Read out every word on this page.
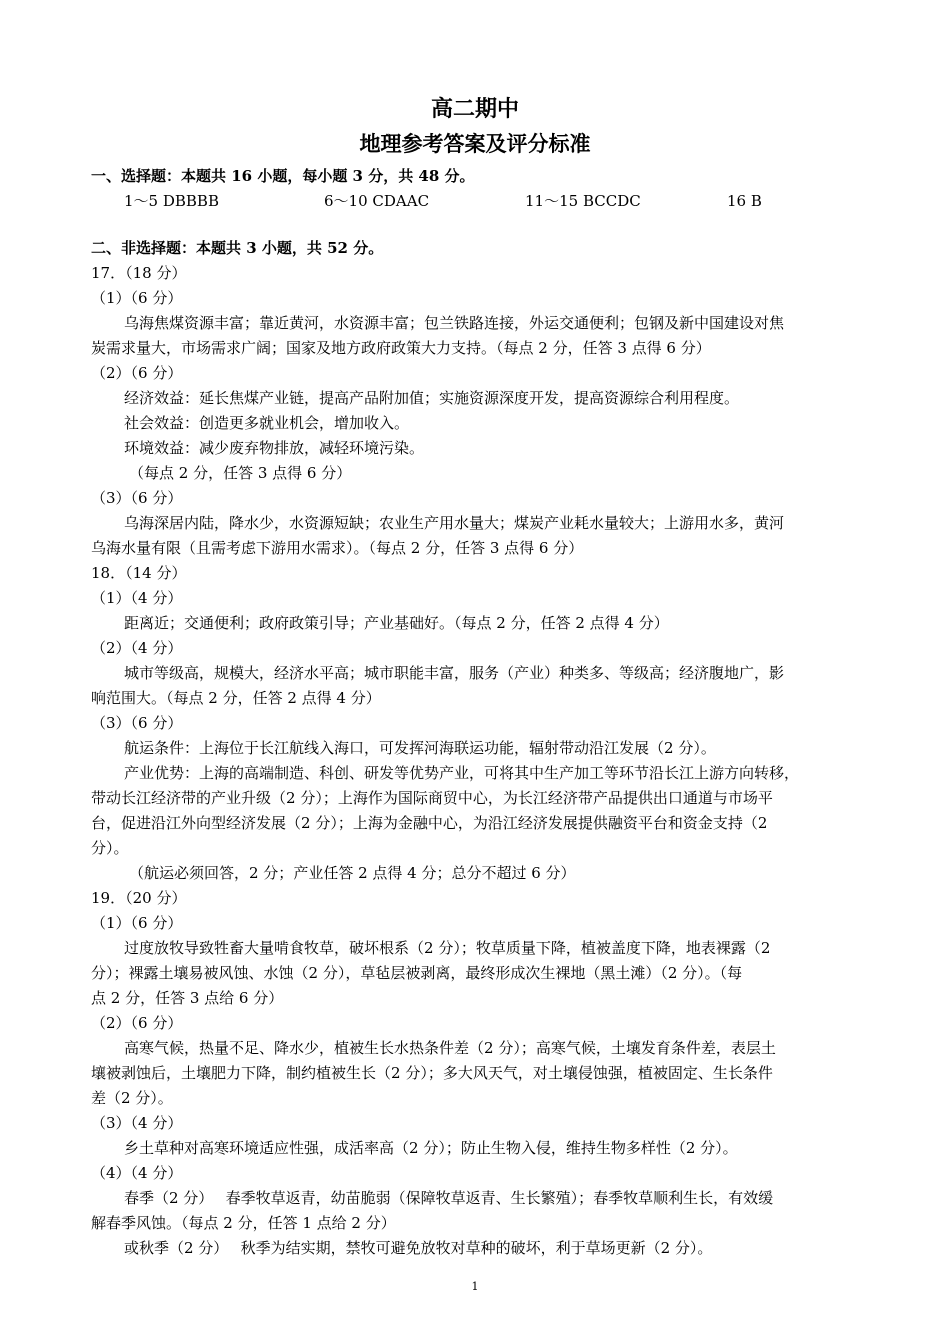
高二期中
地理参考答案及评分标准
一、选择题：本题共 16 小题，每小题 3 分，共 48 分。
1～5 DBBBB	6～10 CDAAC	11～15 BCCDC	16 B
二、非选择题：本题共 3 小题，共 52 分。
17．（18 分）
（1）（6 分）
乌海焦煤资源丰富；靠近黄河，水资源丰富；包兰铁路连接，外运交通便利；包钢及新中国建设对焦
炭需求量大，市场需求广阔；国家及地方政府政策大力支持。（每点 2 分，任答 3 点得 6 分）
（2）（6 分）
经济效益：延长焦煤产业链，提高产品附加值；实施资源深度开发，提高资源综合利用程度。
社会效益：创造更多就业机会，增加收入。
环境效益：减少废弃物排放，减轻环境污染。
（每点 2 分，任答 3 点得 6 分）
（3）（6 分）
乌海深居内陆，降水少，水资源短缺；农业生产用水量大；煤炭产业耗水量较大；上游用水多，黄河
乌海水量有限（且需考虑下游用水需求）。（每点 2 分，任答 3 点得 6 分）
18．（14 分）
（1）（4 分）
距离近；交通便利；政府政策引导；产业基础好。（每点 2 分，任答 2 点得 4 分）
（2）（4 分）
城市等级高，规模大，经济水平高；城市职能丰富，服务（产业）种类多、等级高；经济腹地广，影
响范围大。（每点 2 分，任答 2 点得 4 分）
（3）（6 分）
航运条件：上海位于长江航线入海口，可发挥河海联运功能，辐射带动沿江发展（2 分）。
产业优势：上海的高端制造、科创、研发等优势产业，可将其中生产加工等环节沿长江上游方向转移，
带动长江经济带的产业升级（2 分）；上海作为国际商贸中心，为长江经济带产品提供出口通道与市场平
台，促进沿江外向型经济发展（2 分）；上海为金融中心，为沿江经济发展提供融资平台和资金支持（2
分）。
（航运必须回答，2 分；产业任答 2 点得 4 分；总分不超过 6 分）
19．（20 分）
（1）（6 分）
过度放牧导致牲畜大量啃食牧草，破坏根系（2 分）；牧草质量下降，植被盖度下降，地表裸露（2
分）；裸露土壤易被风蚀、水蚀（2 分），草毡层被剥离，最终形成次生裸地（黑土滩）（2 分）。（每
点 2 分，任答 3 点给 6 分）
（2）（6 分）
高寒气候，热量不足、降水少，植被生长水热条件差（2 分）；高寒气候，土壤发育条件差，表层土
壤被剥蚀后，土壤肥力下降，制约植被生长（2 分）；多大风天气，对土壤侵蚀强，植被固定、生长条件
差（2 分）。
（3）（4 分）
乡土草种对高寒环境适应性强，成活率高（2 分）；防止生物入侵，维持生物多样性（2 分）。
（4）（4 分）
春季（2 分）　 春季牧草返青，幼苗脆弱（保障牧草返青、生长繁殖）；春季牧草顺利生长，有效缓
解春季风蚀。（每点 2 分，任答 1 点给 2 分）
或秋季（2 分）　 秋季为结实期，禁牧可避免放牧对草种的破坏，利于草场更新（2 分）。
1
